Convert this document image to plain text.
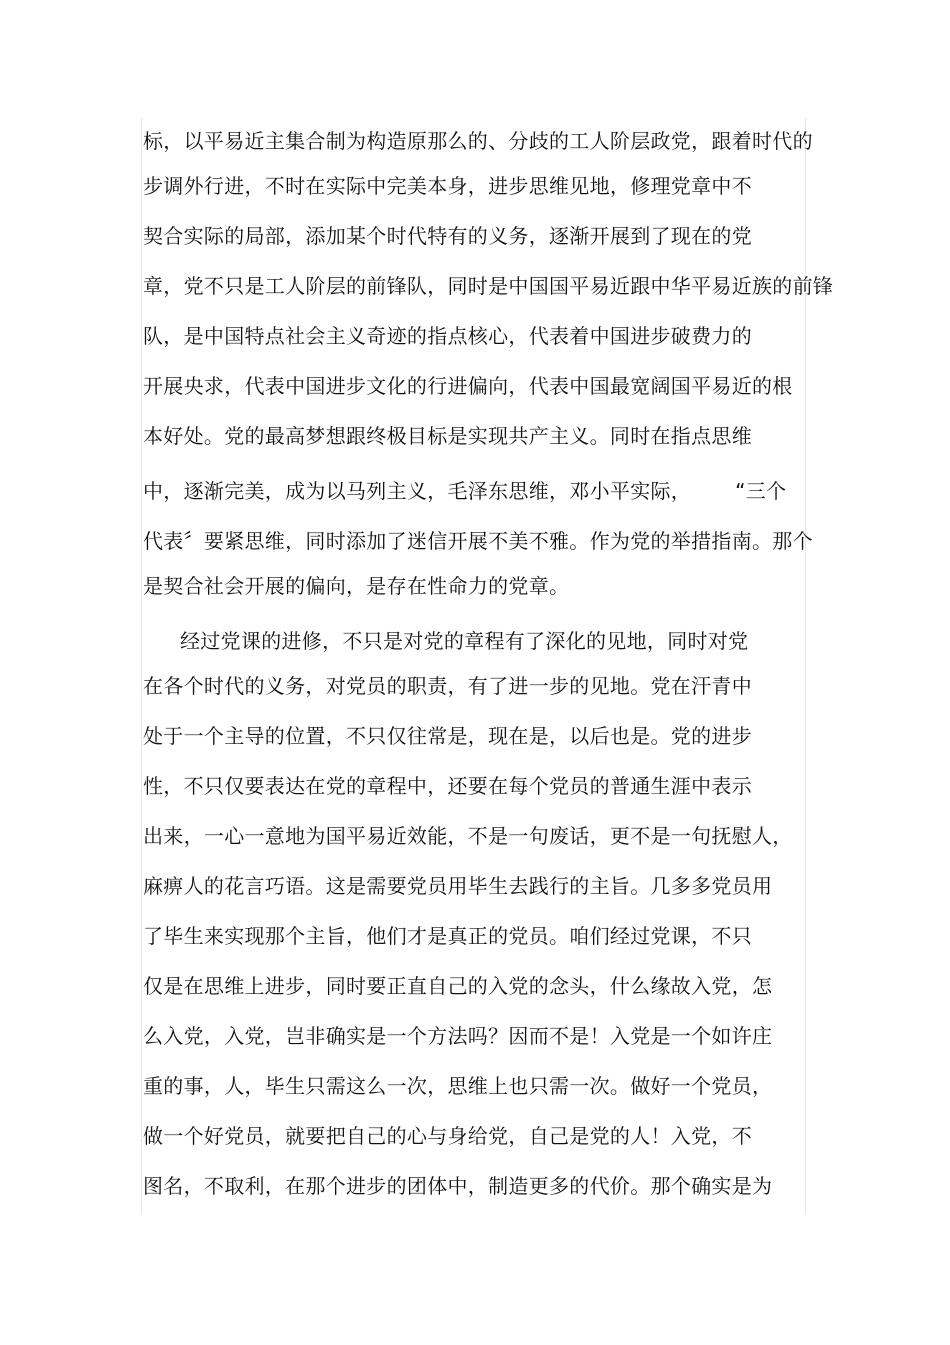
标，以平易近主集合制为构造原那么的、分歧的工人阶层政党，跟着时代的
步调外行进，不时在实际中完美本身，进步思维见地，修理党章中不
契合实际的局部，添加某个时代特有的义务，逐渐开展到了现在的党
章，党不只是工人阶层的前锋队，同时是中国国平易近跟中华平易近族的前锋
队，是中国特点社会主义奇迹的指点核心，代表着中国进步破费力的
开展央求，代表中国进步文化的行进偏向，代表中国最宽阔国平易近的根
本好处。党的最高梦想跟终极目标是实现共产主义。同时在指点思维
中，逐渐完美，成为以马列主义，毛泽东思维，邓小平实际， “三个
代表〞要紧思维，同时添加了迷信开展不美不雅。作为党的举措指南。那个
是契合社会开展的偏向，是存在性命力的党章。
经过党课的进修，不只是对党的章程有了深化的见地，同时对党
在各个时代的义务，对党员的职责，有了进一步的见地。党在汗青中
处于一个主导的位置，不只仅往常是，现在是，以后也是。党的进步
性，不只仅要表达在党的章程中，还要在每个党员的普通生涯中表示
出来，一心一意地为国平易近效能，不是一句废话，更不是一句抚慰人，
麻痹人的花言巧语。这是需要党员用毕生去践行的主旨。几多多党员用
了毕生来实现那个主旨，他们才是真正的党员。咱们经过党课，不只
仅是在思维上进步，同时要正直自己的入党的念头，什么缘故入党，怎
么入党，入党，岂非确实是一个方法吗？因而不是！入党是一个如许庄
重的事，人，毕生只需这么一次，思维上也只需一次。做好一个党员，
做一个好党员，就要把自己的心与身给党，自己是党的人！入党，不
图名，不取利，在那个进步的团体中，制造更多的代价。那个确实是为
